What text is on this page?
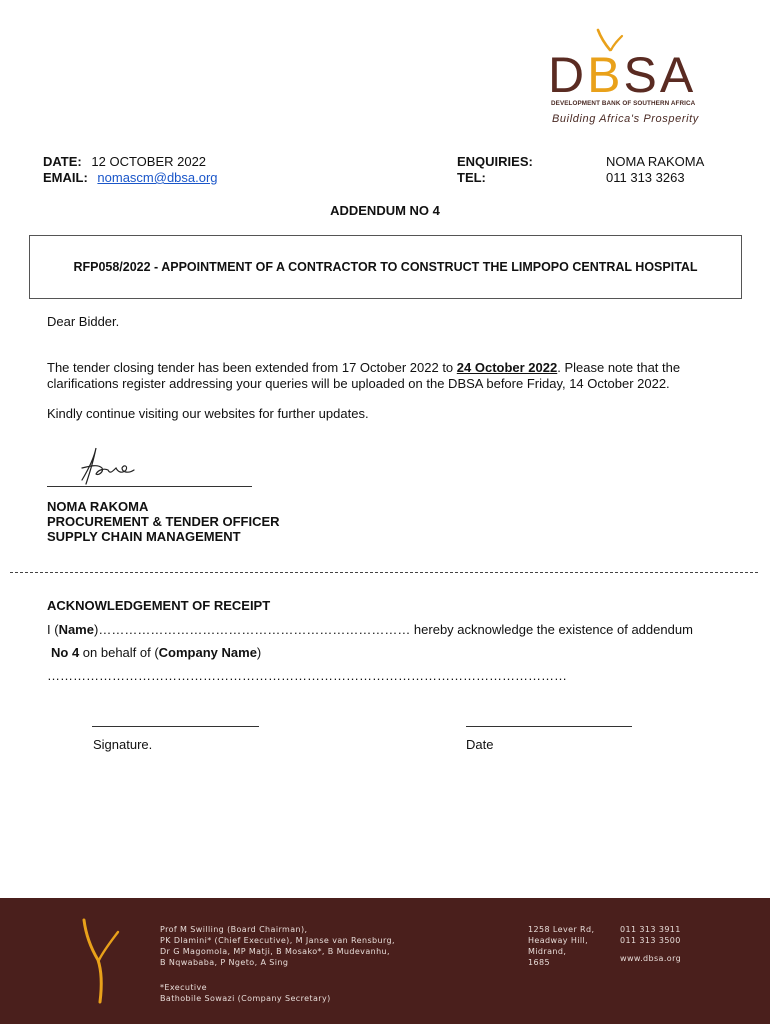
DBSA
DEVELOPMENT BANK OF SOUTHERN AFRICA
Building Africa's Prosperity
DATE: 12 OCTOBER 2022
EMAIL: nomascm@dbsa.org
ENQUIRIES:	NOMA RAKOMA
TEL:	011 313 3263
ADDENDUM NO 4
RFP058/2022 - APPOINTMENT OF A CONTRACTOR TO CONSTRUCT THE LIMPOPO CENTRAL HOSPITAL
Dear Bidder.
The tender closing tender has been extended from 17 October 2022 to 24 October 2022. Please note that the clarifications register addressing your queries will be uploaded on the DBSA before Friday, 14 October 2022.
Kindly continue visiting our websites for further updates.
NOMA RAKOMA
PROCUREMENT & TENDER OFFICER
SUPPLY CHAIN MANAGEMENT
ACKNOWLEDGEMENT OF RECEIPT
I (Name)……………………………………………………………… hereby acknowledge the existence of addendum
No 4 on behalf of (Company Name)
…………………………………………………………………………………………………………
Signature.	Date
Prof M Swilling (Board Chairman),
PK Dlamini* (Chief Executive), M Janse van Rensburg,
Dr G Magomola, MP Matji, B Mosako*, B Mudevanhu,
B Nqwababa, P Ngeto, A Sing
*Executive
Bathobile Sowazi (Company Secretary)
1258 Lever Rd,
Headway Hill,
Midrand,
1685
011 313 3911
011 313 3500
www.dbsa.org
